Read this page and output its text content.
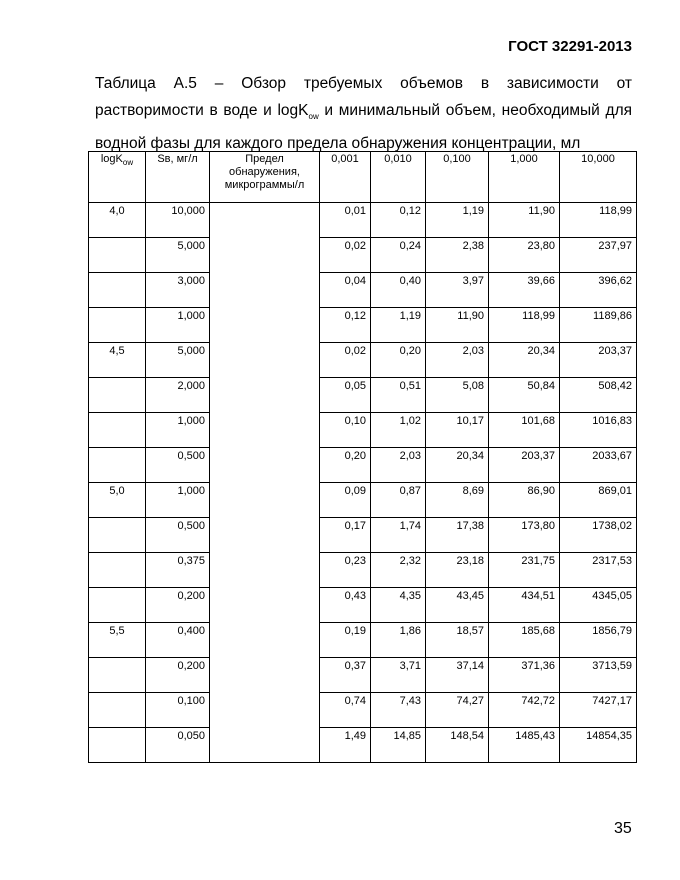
ГОСТ 32291-2013
Таблица А.5 – Обзор требуемых объемов в зависимости от
растворимости в воде и logK$_{ow}$ и минимальный объем, необходимый для
водной фазы для каждого предела обнаружения концентрации, мл
logK$_{ow}$	Sв, мг/л	Предел обнаружения, микрограммы/л	0,001	0,010	0,100	1,000	10,000
4,0	10,000		0,01	0,12	1,19	11,90	118,99
	5,000		0,02	0,24	2,38	23,80	237,97
	3,000		0,04	0,40	3,97	39,66	396,62
	1,000		0,12	1,19	11,90	118,99	1189,86
4,5	5,000		0,02	0,20	2,03	20,34	203,37
	2,000		0,05	0,51	5,08	50,84	508,42
	1,000		0,10	1,02	10,17	101,68	1016,83
	0,500		0,20	2,03	20,34	203,37	2033,67
5,0	1,000		0,09	0,87	8,69	86,90	869,01
	0,500		0,17	1,74	17,38	173,80	1738,02
	0,375		0,23	2,32	23,18	231,75	2317,53
	0,200		0,43	4,35	43,45	434,51	4345,05
5,5	0,400		0,19	1,86	18,57	185,68	1856,79
	0,200		0,37	3,71	37,14	371,36	3713,59
	0,100		0,74	7,43	74,27	742,72	7427,17
	0,050		1,49	14,85	148,54	1485,43	14854,35
35
